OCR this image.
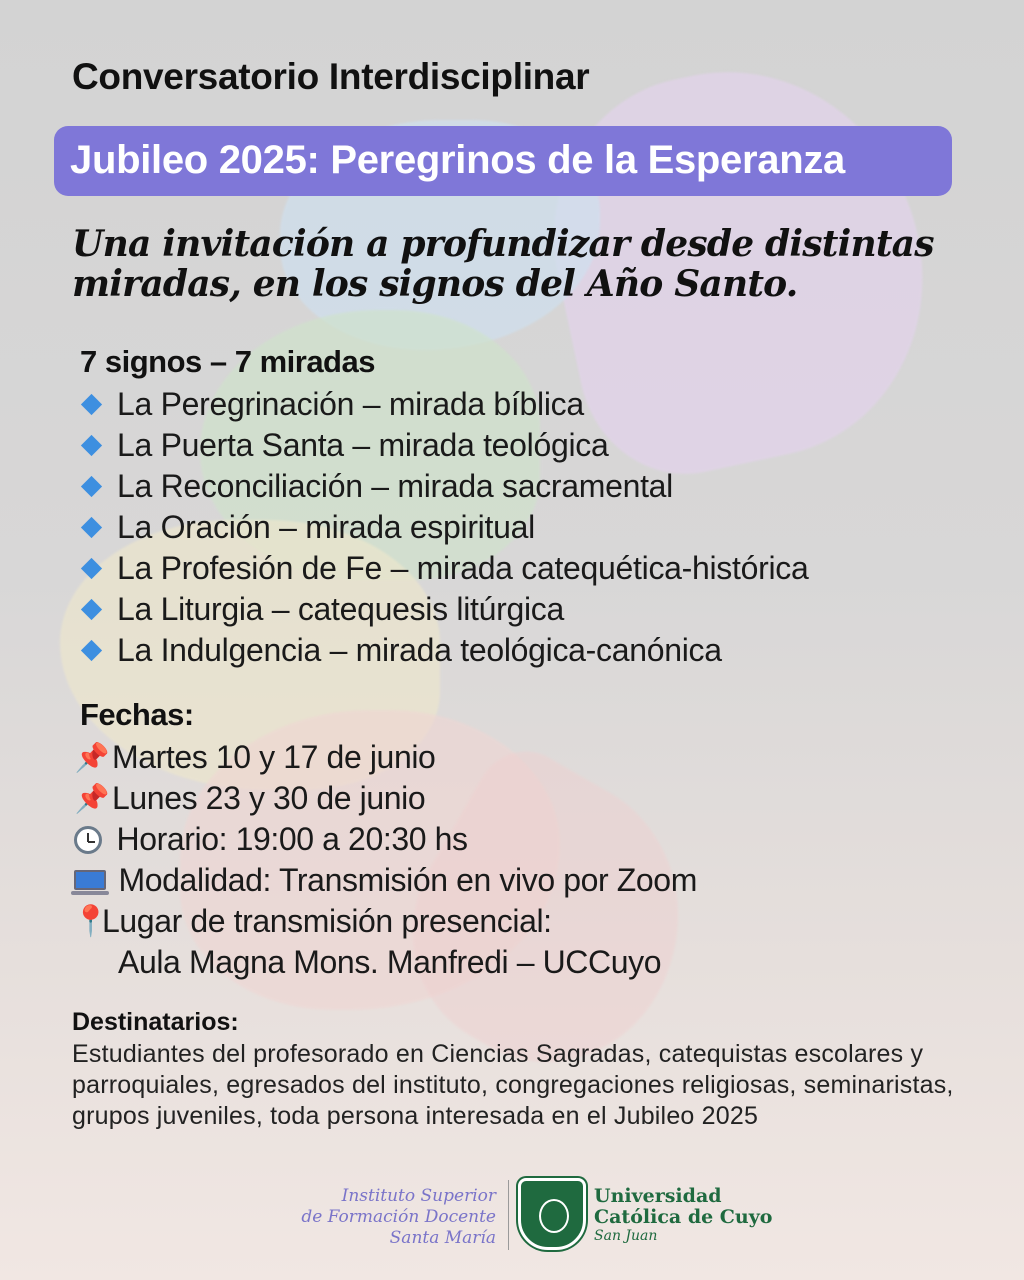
Conversatorio Interdisciplinar
Jubileo 2025: Peregrinos de la Esperanza
Una invitación a profundizar desde distintas
miradas, en los signos del Año Santo.
7 signos – 7 miradas
La Peregrinación – mirada bíblica
La Puerta Santa – mirada teológica
La Reconciliación – mirada sacramental
La Oración – mirada espiritual
La Profesión de Fe – mirada catequética-histórica
La Liturgia – catequesis litúrgica
La Indulgencia – mirada teológica-canónica
Fechas:
📌Martes 10 y 17 de junio
📌Lunes 23 y 30 de junio
Horario: 19:00 a 20:30 hs
Modalidad: Transmisión en vivo por Zoom
📍Lugar de transmisión presencial:
Aula Magna Mons. Manfredi – UCCuyo
Destinatarios:
Estudiantes del profesorado en Ciencias Sagradas, catequistas escolares y parroquiales, egresados del instituto, congregaciones religiosas, seminaristas, grupos juveniles, toda persona interesada en el Jubileo 2025
Instituto Superior
de Formación Docente
Santa María
Universidad
Católica de Cuyo
San Juan
